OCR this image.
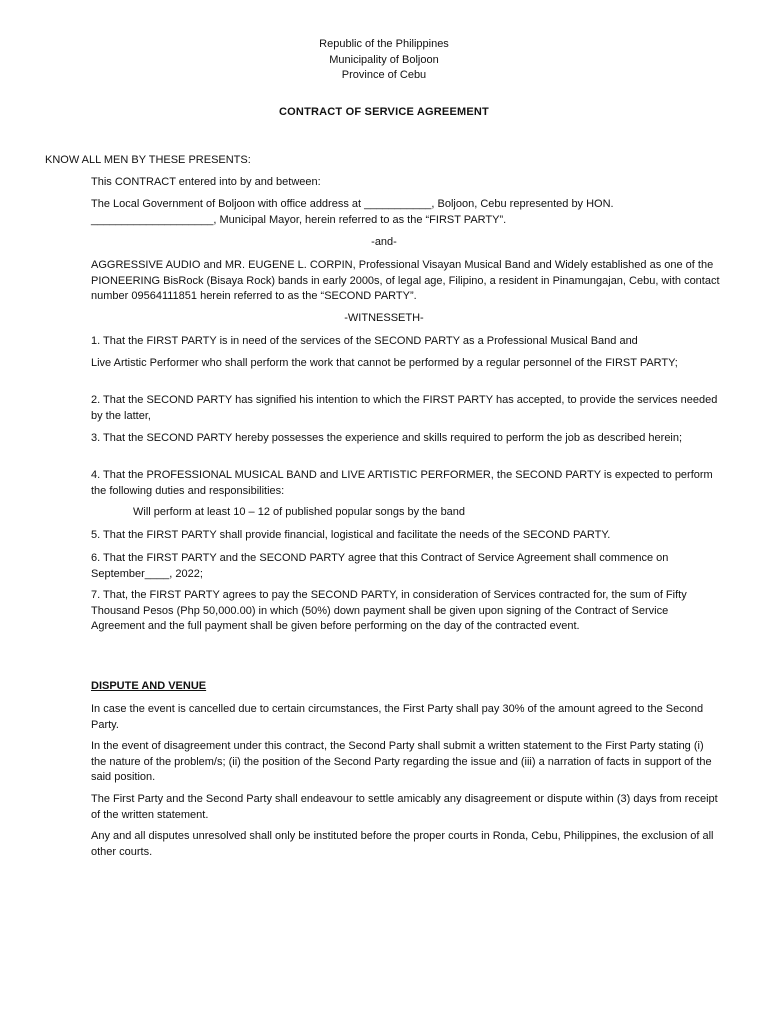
Republic of the Philippines
Municipality of Boljoon
Province of Cebu
CONTRACT OF SERVICE AGREEMENT
KNOW ALL MEN BY THESE PRESENTS:
This CONTRACT entered into by and between:
The Local Government of Boljoon with office address at ___________, Boljoon, Cebu represented by HON. ____________________, Municipal Mayor, herein referred to as the “FIRST PARTY”.
-and-
AGGRESSIVE AUDIO and MR. EUGENE L. CORPIN, Professional Visayan Musical Band and Widely established as one of the PIONEERING BisRock (Bisaya Rock) bands in early 2000s, of legal age, Filipino, a resident in Pinamungajan, Cebu, with contact number 09564111851 herein referred to as the “SECOND PARTY”.
-WITNESSETH-
1. That the FIRST PARTY is in need of the services of the SECOND PARTY as a Professional Musical Band and
Live Artistic Performer who shall perform the work that cannot be performed by a regular personnel of the FIRST PARTY;
2. That the SECOND PARTY has signified his intention to which the FIRST PARTY has accepted, to provide the services needed by the latter,
3. That the SECOND PARTY hereby possesses the experience and skills required to perform the job as described herein;
4. That the PROFESSIONAL MUSICAL BAND and LIVE ARTISTIC PERFORMER, the SECOND PARTY is expected to perform the following duties and responsibilities:
Will perform at least 10 – 12 of published popular songs by the band
5. That the FIRST PARTY shall provide financial, logistical and facilitate the needs of the SECOND PARTY.
6. That the FIRST PARTY and the SECOND PARTY agree that this Contract of Service Agreement shall commence on September____, 2022;
7. That, the FIRST PARTY agrees to pay the SECOND PARTY, in consideration of Services contracted for, the sum of Fifty Thousand Pesos (Php 50,000.00) in which (50%) down payment shall be given upon signing of the Contract of Service Agreement and the full payment shall be given before performing on the day of the contracted event.
DISPUTE AND VENUE
In case the event is cancelled due to certain circumstances, the First Party shall pay 30% of the amount agreed to the Second Party.
In the event of disagreement under this contract, the Second Party shall submit a written statement to the First Party stating (i) the nature of the problem/s; (ii) the position of the Second Party regarding the issue and (iii) a narration of facts in support of the said position.
The First Party and the Second Party shall endeavour to settle amicably any disagreement or dispute within (3) days from receipt of the written statement.
Any and all disputes unresolved shall only be instituted before the proper courts in Ronda, Cebu, Philippines, the exclusion of all other courts.
